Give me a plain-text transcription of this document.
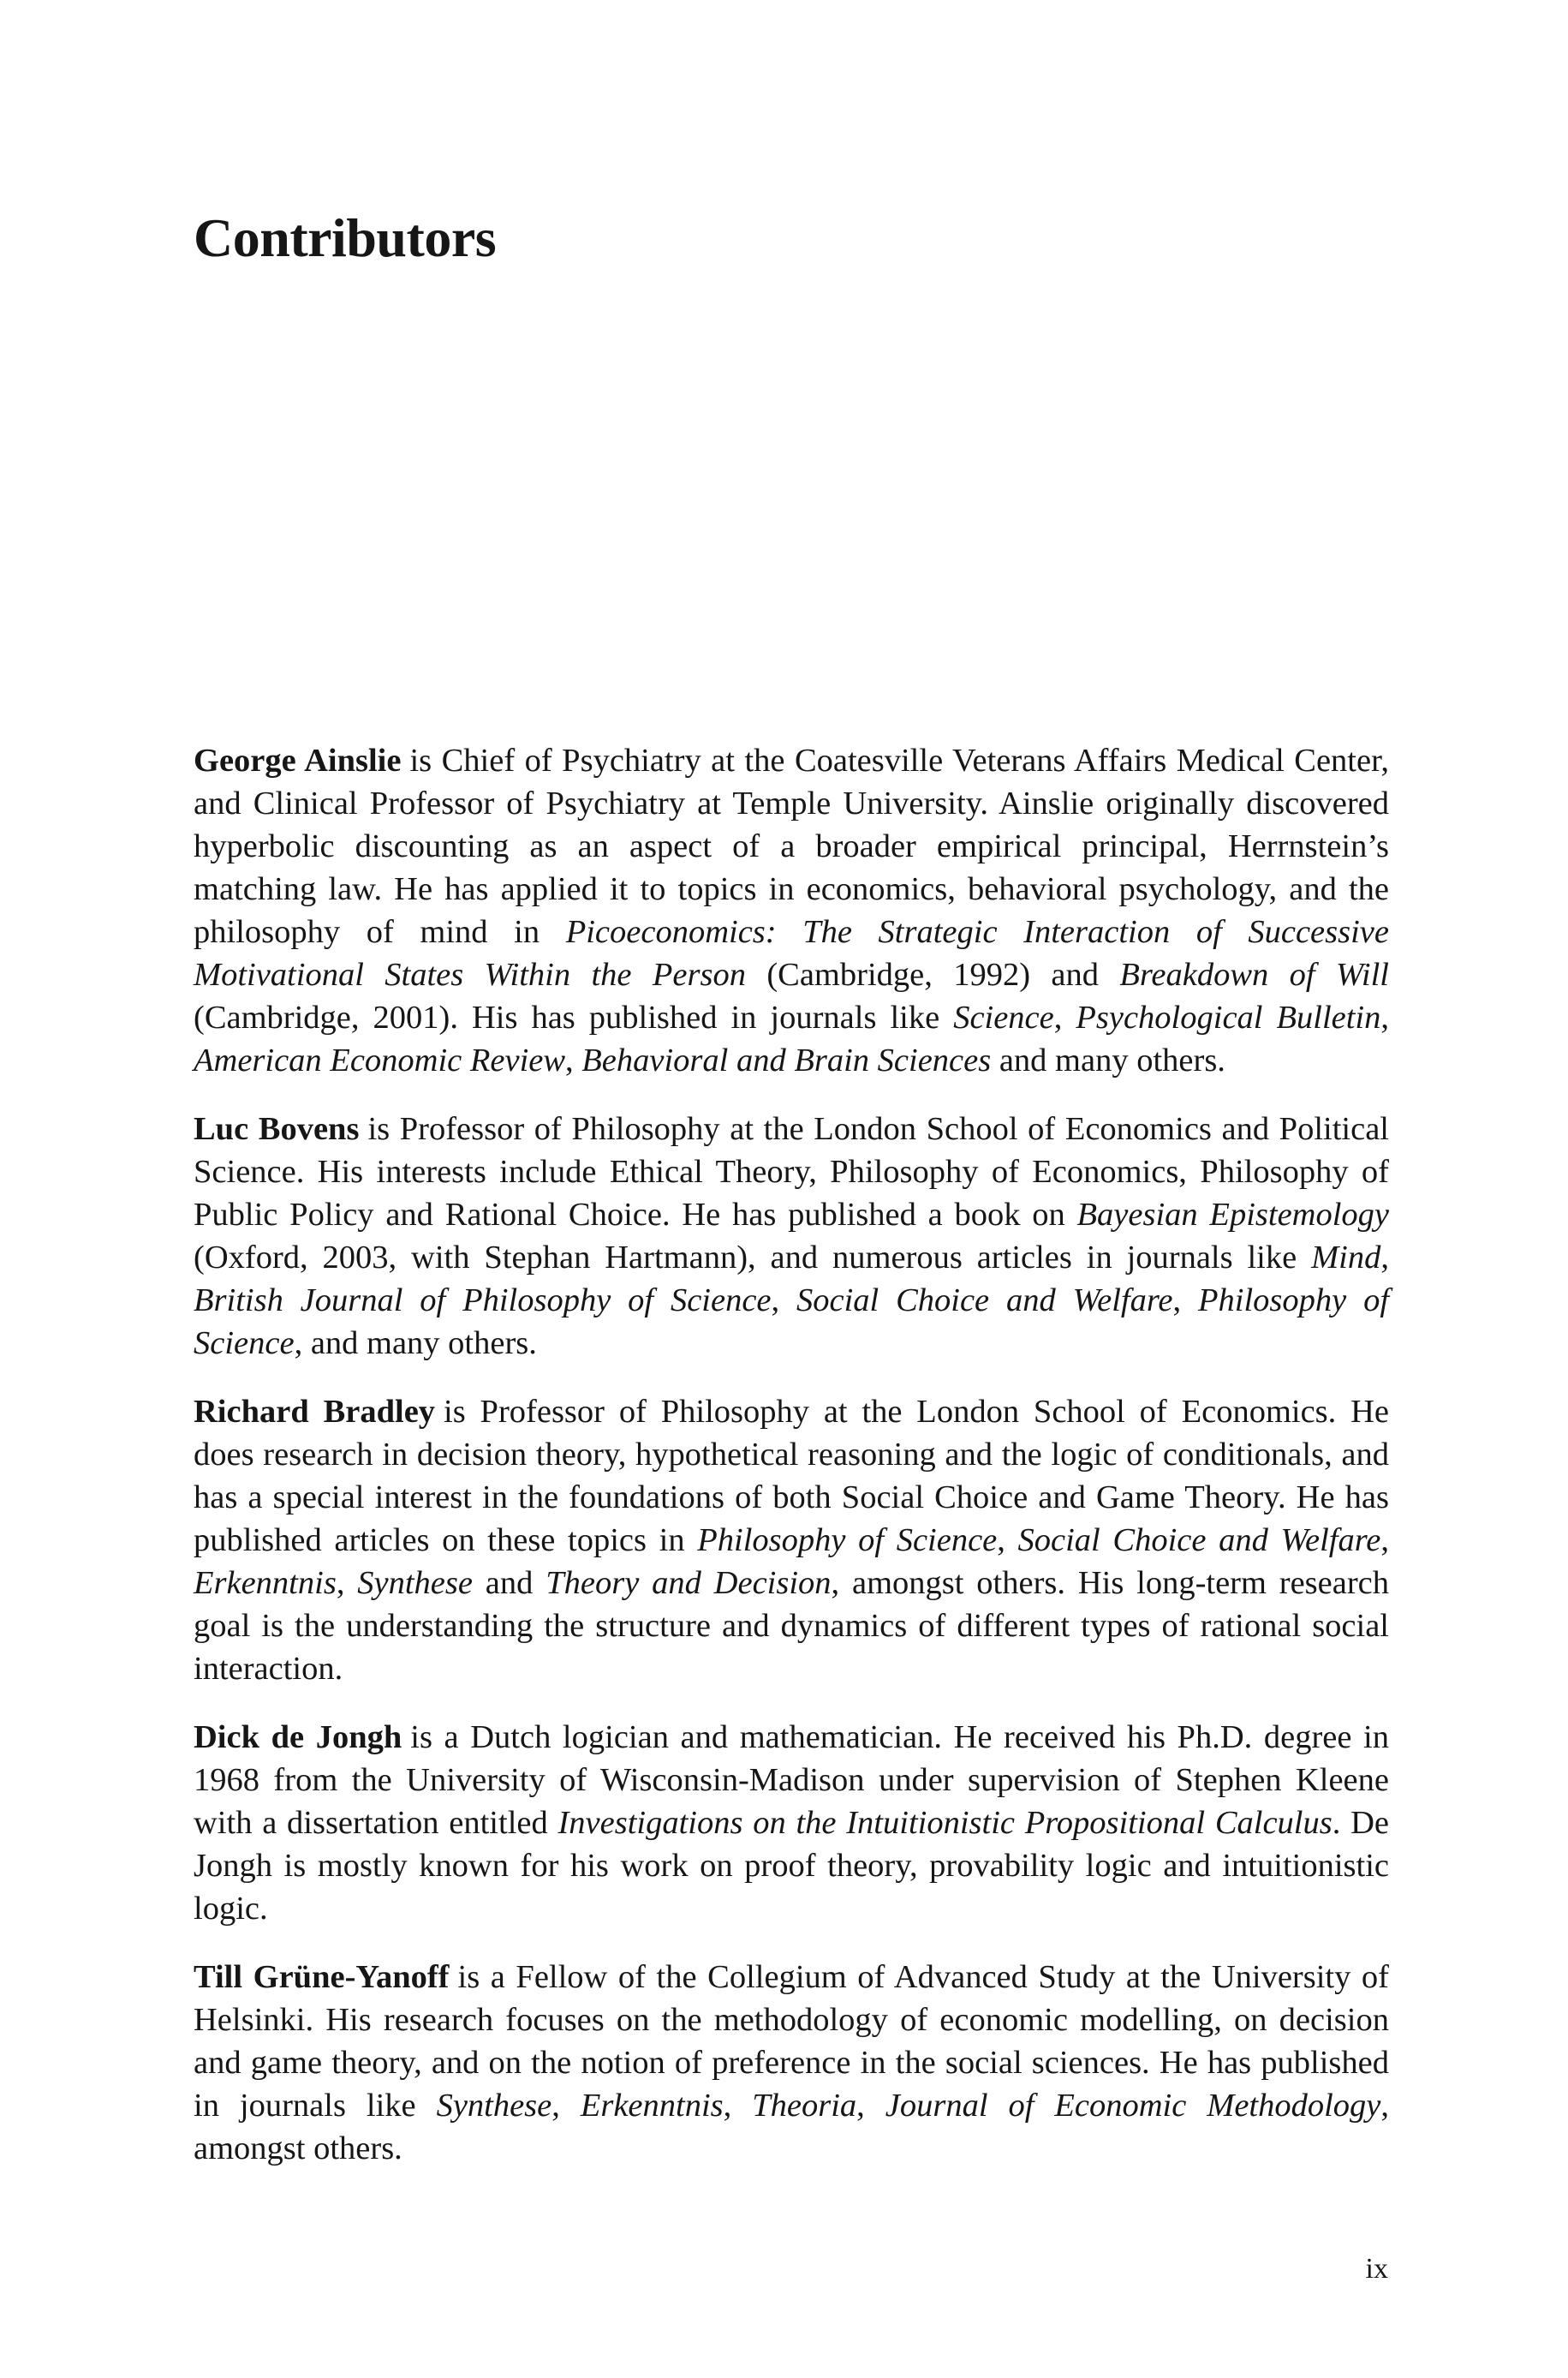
Contributors

George Ainslie is Chief of Psychiatry at the Coatesville Veterans Affairs Medical Center, and Clinical Professor of Psychiatry at Temple University. Ainslie originally discovered hyperbolic discounting as an aspect of a broader empirical principal, Herrnstein’s matching law. He has applied it to topics in economics, behavioral psychology, and the philosophy of mind in Picoeconomics: The Strategic Interaction of Successive Motivational States Within the Person (Cambridge, 1992) and Breakdown of Will (Cambridge, 2001). His has published in journals like Science, Psychological Bulletin, American Economic Review, Behavioral and Brain Sciences and many others.

Luc Bovens is Professor of Philosophy at the London School of Economics and Political Science. His interests include Ethical Theory, Philosophy of Economics, Philosophy of Public Policy and Rational Choice. He has published a book on Bayesian Epistemology (Oxford, 2003, with Stephan Hartmann), and numerous articles in journals like Mind, British Journal of Philosophy of Science, Social Choice and Welfare, Philosophy of Science, and many others.

Richard Bradley is Professor of Philosophy at the London School of Economics. He does research in decision theory, hypothetical reasoning and the logic of conditionals, and has a special interest in the foundations of both Social Choice and Game Theory. He has published articles on these topics in Philosophy of Science, Social Choice and Welfare, Erkenntnis, Synthese and Theory and Decision, amongst others. His long-term research goal is the understanding the structure and dynamics of different types of rational social interaction.

Dick de Jongh is a Dutch logician and mathematician. He received his Ph.D. degree in 1968 from the University of Wisconsin-Madison under supervision of Stephen Kleene with a dissertation entitled Investigations on the Intuitionistic Propositional Calculus. De Jongh is mostly known for his work on proof theory, provability logic and intuitionistic logic.

Till Grüne-Yanoff is a Fellow of the Collegium of Advanced Study at the University of Helsinki. His research focuses on the methodology of economic modelling, on decision and game theory, and on the notion of preference in the social sciences. He has published in journals like Synthese, Erkenntnis, Theoria, Journal of Economic Methodology, amongst others.

ix
